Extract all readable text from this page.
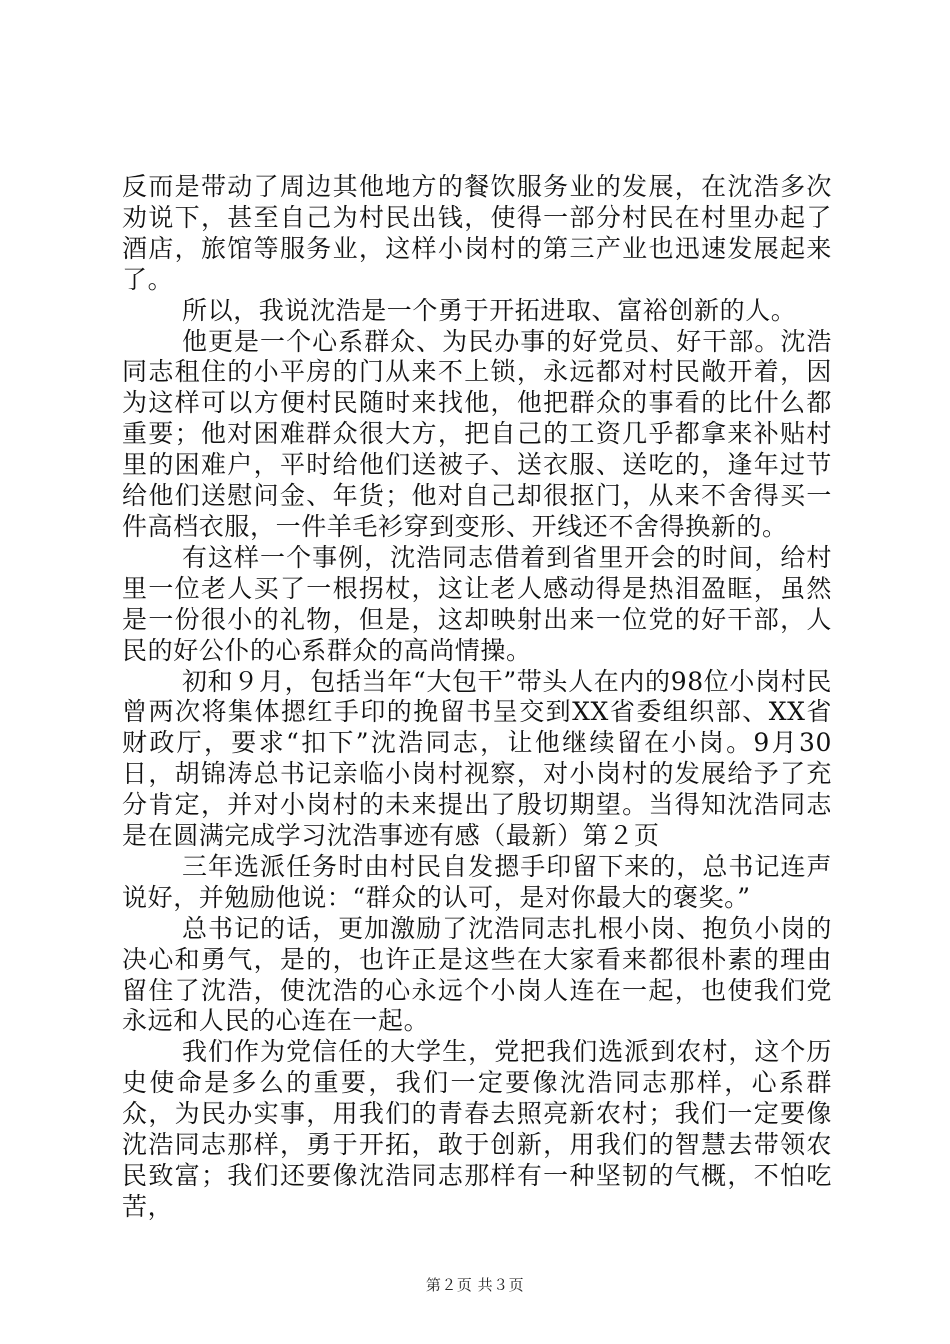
反而是带动了周边其他地方的餐饮服务业的发展，在沈浩多次劝说下，甚至自己为村民出钱，使得一部分村民在村里办起了酒店，旅馆等服务业，这样小岗村的第三产业也迅速发展起来了。

所以，我说沈浩是一个勇于开拓进取、富裕创新的人。

他更是一个心系群众、为民办事的好党员、好干部。沈浩同志租住的小平房的门从来不上锁，永远都对村民敞开着，因为这样可以方便村民随时来找他，他把群众的事看的比什么都重要；他对困难群众很大方，把自己的工资几乎都拿来补贴村里的困难户，平时给他们送被子、送衣服、送吃的，逢年过节给他们送慰问金、年货；他对自己却很抠门，从来不舍得买一件高档衣服，一件羊毛衫穿到变形、开线还不舍得换新的。

有这样一个事例，沈浩同志借着到省里开会的时间，给村里一位老人买了一根拐杖，这让老人感动得是热泪盈眶，虽然是一份很小的礼物，但是，这却映射出来一位党的好干部，人民的好公仆的心系群众的高尚情操。

初和９月，包括当年“大包干”带头人在内的98位小岗村民曾两次将集体摁红手印的挽留书呈交到XX省委组织部、XX省财政厅，要求“扣下”沈浩同志，让他继续留在小岗。9月30日，胡锦涛总书记亲临小岗村视察，对小岗村的发展给予了充分肯定，并对小岗村的未来提出了殷切期望。当得知沈浩同志是在圆满完成学习沈浩事迹有感（最新）第２页

三年选派任务时由村民自发摁手印留下来的，总书记连声说好，并勉励他说：“群众的认可，是对你最大的褒奖。”

总书记的话，更加激励了沈浩同志扎根小岗、抱负小岗的决心和勇气，是的，也许正是这些在大家看来都很朴素的理由留住了沈浩，使沈浩的心永远个小岗人连在一起，也使我们党永远和人民的心连在一起。

我们作为党信任的大学生，党把我们选派到农村，这个历史使命是多么的重要，我们一定要像沈浩同志那样，心系群众，为民办实事，用我们的青春去照亮新农村；我们一定要像沈浩同志那样，勇于开拓，敢于创新，用我们的智慧去带领农民致富；我们还要像沈浩同志那样有一种坚韧的气概，不怕吃苦，

第２页 共３页
